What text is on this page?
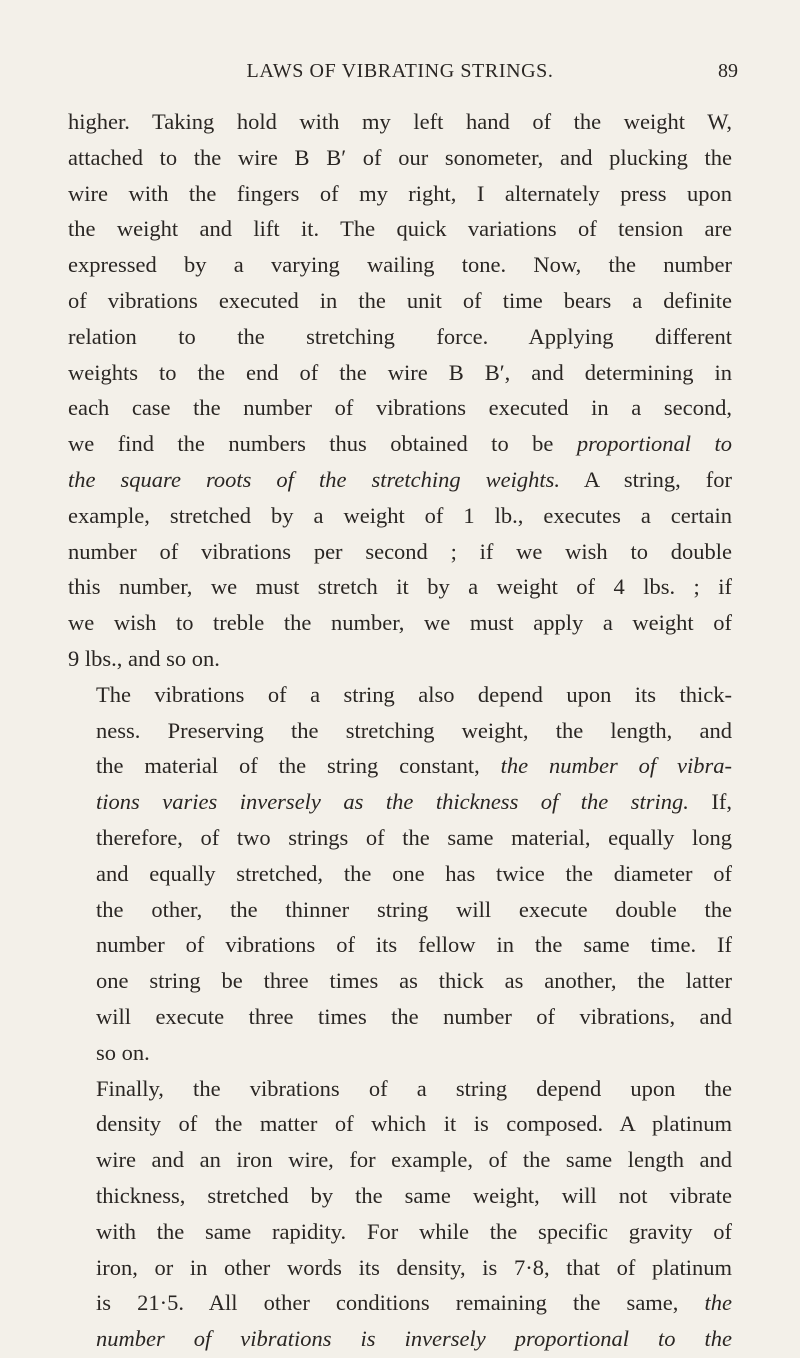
LAWS OF VIBRATING STRINGS.	89

higher. Taking hold with my left hand of the weight W,
attached to the wire B B′ of our sonometer, and plucking the
wire with the fingers of my right, I alternately press upon
the weight and lift it. The quick variations of tension are
expressed by a varying wailing tone. Now, the number
of vibrations executed in the unit of time bears a definite
relation to the stretching force. Applying different
weights to the end of the wire B B′, and determining in
each case the number of vibrations executed in a second,
we find the numbers thus obtained to be proportional to
the square roots of the stretching weights. A string, for
example, stretched by a weight of 1 lb., executes a certain
number of vibrations per second ; if we wish to double
this number, we must stretch it by a weight of 4 lbs. ; if
we wish to treble the number, we must apply a weight of
9 lbs., and so on.

The vibrations of a string also depend upon its thick-
ness. Preserving the stretching weight, the length, and
the material of the string constant, the number of vibra-
tions varies inversely as the thickness of the string. If,
therefore, of two strings of the same material, equally long
and equally stretched, the one has twice the diameter of
the other, the thinner string will execute double the
number of vibrations of its fellow in the same time. If
one string be three times as thick as another, the latter
will execute three times the number of vibrations, and
so on.

Finally, the vibrations of a string depend upon the
density of the matter of which it is composed. A platinum
wire and an iron wire, for example, of the same length and
thickness, stretched by the same weight, will not vibrate
with the same rapidity. For while the specific gravity of
iron, or in other words its density, is 7·8, that of platinum
is 21·5. All other conditions remaining the same, the
number of vibrations is inversely proportional to the
